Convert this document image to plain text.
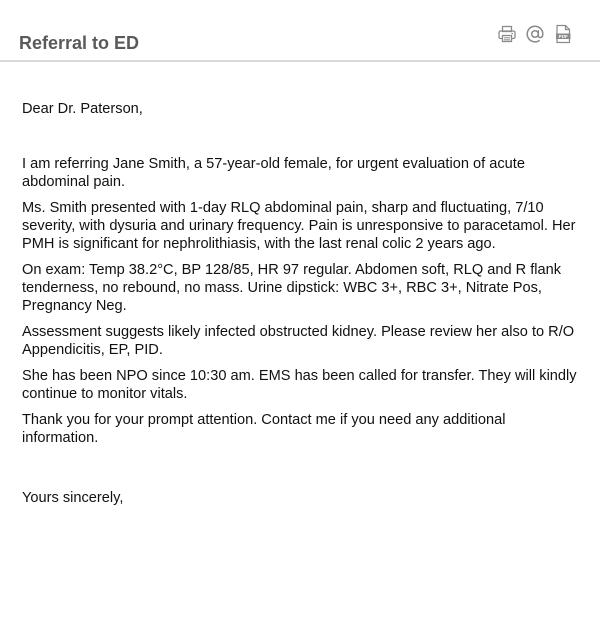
Referral to ED	PDF

Dear Dr. Paterson,

I am referring Jane Smith, a 57-year-old female, for urgent evaluation of acute abdominal pain.

Ms. Smith presented with 1-day RLQ abdominal pain, sharp and fluctuating, 7/10 severity, with dysuria and urinary frequency. Pain is unresponsive to paracetamol. Her PMH is significant for nephrolithiasis, with the last renal colic 2 years ago.

On exam: Temp 38.2°C, BP 128/85, HR 97 regular. Abdomen soft, RLQ and R flank tenderness, no rebound, no mass. Urine dipstick: WBC 3+, RBC 3+, Nitrate Pos, Pregnancy Neg.

Assessment suggests likely infected obstructed kidney. Please review her also to R/O Appendicitis, EP, PID.

She has been NPO since 10:30 am. EMS has been called for transfer. They will kindly continue to monitor vitals.

Thank you for your prompt attention. Contact me if you need any additional information.

Yours sincerely,
